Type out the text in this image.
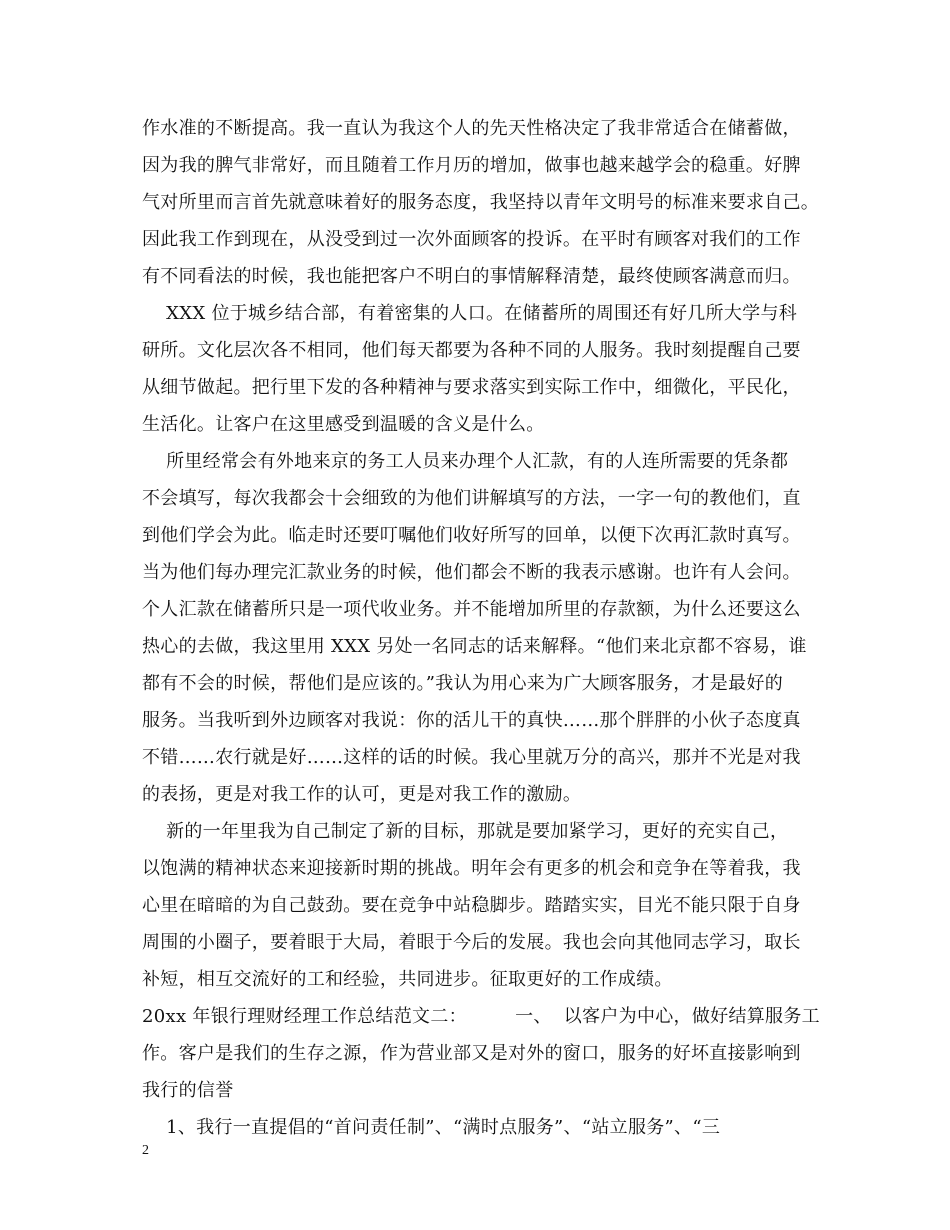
作水准的不断提高。我一直认为我这个人的先天性格决定了我非常适合在储蓄做，
因为我的脾气非常好，而且随着工作月历的增加，做事也越来越学会的稳重。好脾
气对所里而言首先就意味着好的服务态度，我坚持以青年文明号的标准来要求自己。
因此我工作到现在，从没受到过一次外面顾客的投诉。在平时有顾客对我们的工作
有不同看法的时候，我也能把客户不明白的事情解释清楚，最终使顾客满意而归。
XXX 位于城乡结合部，有着密集的人口。在储蓄所的周围还有好几所大学与科
研所。文化层次各不相同，他们每天都要为各种不同的人服务。我时刻提醒自己要
从细节做起。把行里下发的各种精神与要求落实到实际工作中，细微化，平民化，
生活化。让客户在这里感受到温暖的含义是什么。
所里经常会有外地来京的务工人员来办理个人汇款，有的人连所需要的凭条都
不会填写，每次我都会十会细致的为他们讲解填写的方法，一字一句的教他们，直
到他们学会为此。临走时还要叮嘱他们收好所写的回单，以便下次再汇款时真写。
当为他们每办理完汇款业务的时候，他们都会不断的我表示感谢。也许有人会问。
个人汇款在储蓄所只是一项代收业务。并不能增加所里的存款额，为什么还要这么
热心的去做，我这里用 XXX 另处一名同志的话来解释。“他们来北京都不容易，谁
都有不会的时候，帮他们是应该的。”我认为用心来为广大顾客服务，才是最好的
服务。当我听到外边顾客对我说：你的活儿干的真快……那个胖胖的小伙子态度真
不错……农行就是好……这样的话的时候。我心里就万分的高兴，那并不光是对我
的表扬，更是对我工作的认可，更是对我工作的激励。
新的一年里我为自己制定了新的目标，那就是要加紧学习，更好的充实自己，
以饱满的精神状态来迎接新时期的挑战。明年会有更多的机会和竞争在等着我，我
心里在暗暗的为自己鼓劲。要在竞争中站稳脚步。踏踏实实，目光不能只限于自身
周围的小圈子，要着眼于大局，着眼于今后的发展。我也会向其他同志学习，取长
补短，相互交流好的工和经验，共同进步。征取更好的工作成绩。
20xx 年银行理财经理工作总结范文二：        一、  以客户为中心，做好结算服务工
作。客户是我们的生存之源，作为营业部又是对外的窗口，服务的好坏直接影响到
我行的信誉
1、我行一直提倡的“首问责任制”、“满时点服务”、“站立服务”、“三
2
